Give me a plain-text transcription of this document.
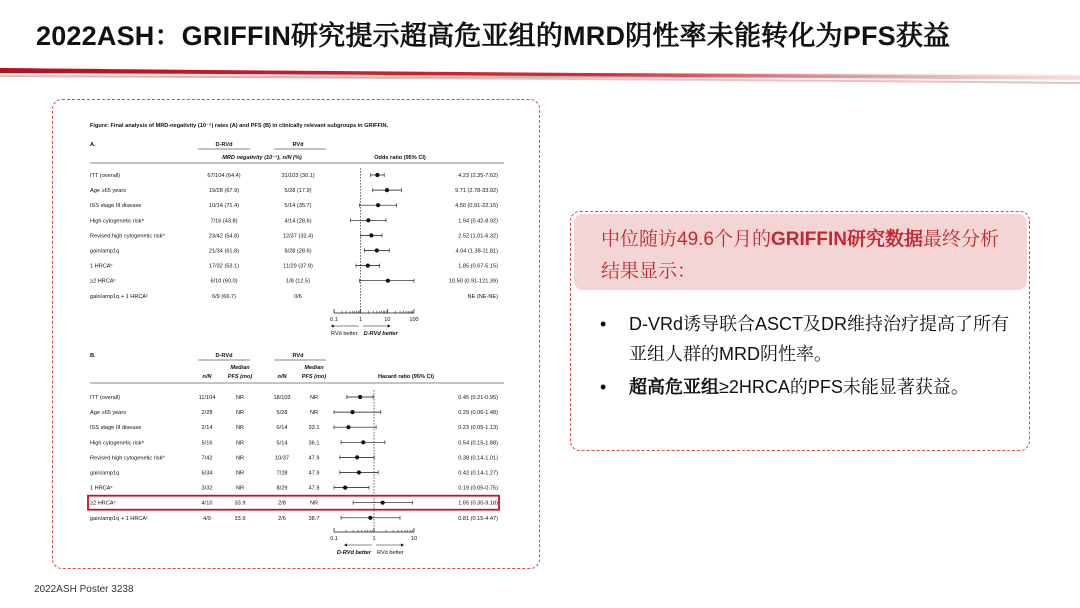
2022ASH：GRIFFIN研究提示超高危亚组的MRD阴性率未能转化为PFS获益
Figure: Final analysis of MRD-negativity (10⁻⁵) rates (A) and PFS (B) in clinically relevant subgroups in GRIFFIN.
A.	D-RVd	RVd
MRD negativity (10⁻⁵), n/N (%)	Odds ratio (95% CI)
ITT (overall)	67/104 (64.4)	31/103 (30.1)	4.23 (2.35-7.62)
Age ≥65 years	19/28 (67.9)	5/28 (17.9)	9.71 (2.78-33.92)
ISS stage III disease	10/14 (71.4)	5/14 (35.7)	4.50 (0.91-22.15)
High cytogenetic riskᵃ	7/16 (43.8)	4/14 (28.6)	1.94 (0.42-8.92)
Revised high cytogenetic riskᵇ	23/42 (54.8)	12/37 (32.4)	2.52 (1.01-6.32)
gain/amp1q	21/34 (61.8)	8/28 (28.6)	4.04 (1.38-11.81)
1 HRCAᶜ	17/32 (53.1)	11/29 (37.9)	1.85 (0.67-5.15)
≥2 HRCAᶜ	6/10 (60.0)	1/8 (12.5)	10.50 (0.91-121.39)
gain/amp1q + 1 HRCAᶜ	6/9 (66.7)	0/6	NE (NE-NE)
0.1	1	10	100
RVd better D-RVd better
B.	D-RVd	RVd
Median	Median
n/N	PFS (mo)	n/N	PFS (mo)	Hazard ratio (95% CI)
ITT (overall)	11/104	NR	18/103	NR	0.45 (0.21-0.95)
Age ≥65 years	2/28	NR	5/28	NR	0.29 (0.06-1.48)
ISS stage III disease	2/14	NR	6/14	33.1	0.23 (0.05-1.13)
High cytogenetic riskᵃ	5/16	NR	5/14	36.1	0.54 (0.15-1.88)
Revised high cytogenetic riskᵇ	7/42	NR	10/37	47.9	0.38 (0.14-1.01)
gain/amp1q	6/34	NR	7/28	47.9	0.42 (0.14-1.27)
1 HRCAᶜ	3/32	NR	8/29	47.9	0.19 (0.05-0.75)
≥2 HRCAᶜ	4/10	33.9	2/8	NR	1.65 (0.30-9.18)
gain/amp1q + 1 HRCAᶜ	4/9	33.9	2/6	38.7	0.81 (0.15-4.47)
0.1	1	10
D-RVd better RVd better
中位随访49.6个月的GRIFFIN研究数据最终分析结果显示：
• D-VRd诱导联合ASCT及DR维持治疗提高了所有亚组人群的MRD阴性率。
• 超高危亚组≥2HRCA的PFS未能显著获益。
2022ASH Poster 3238
